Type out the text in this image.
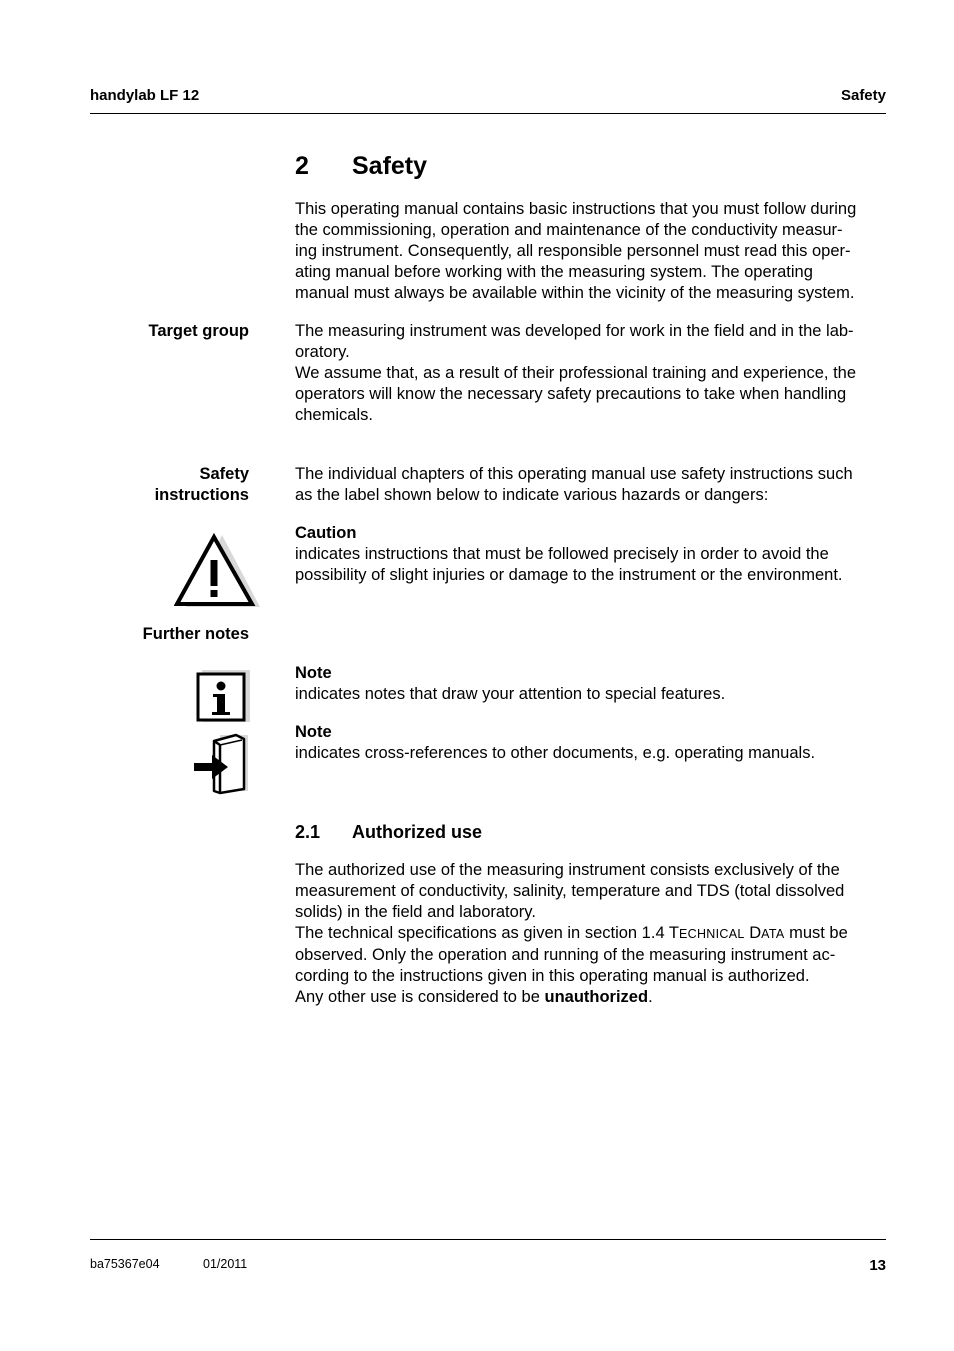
handylab LF 12	Safety
2 Safety

This operating manual contains basic instructions that you must follow during

the commissioning, operation and maintenance of the conductivity measur-

ing instrument. Consequently, all responsible personnel must read this oper-

ating manual before working with the measuring system. The operating

manual must always be available within the vicinity of the measuring system.

Target group	The measuring instrument was developed for work in the field and in the lab-

oratory.

We assume that, as a result of their professional training and experience, the

operators will know the necessary safety precautions to take when handling

chemicals.

Safety

instructions

The individual chapters of this operating manual use safety instructions such

as the label shown below to indicate various hazards or dangers:

Caution

indicates instructions that must be followed precisely in order to avoid the

possibility of slight injuries or damage to the instrument or the environment.

Further notes

Note

indicates notes that draw your attention to special features.

Note

indicates cross-references to other documents, e.g. operating manuals.

2.1 Authorized use

The authorized use of the measuring instrument consists exclusively of the

measurement of conductivity, salinity, temperature and TDS (total dissolved

solids) in the field and laboratory.

The technical specifications as given in section 1.4 TECHNICAL DATA must be

observed. Only the operation and running of the measuring instrument ac-

cording to the instructions given in this operating manual is authorized.

Any other use is considered to be unauthorized.

ba75367e04	01/2011	13
